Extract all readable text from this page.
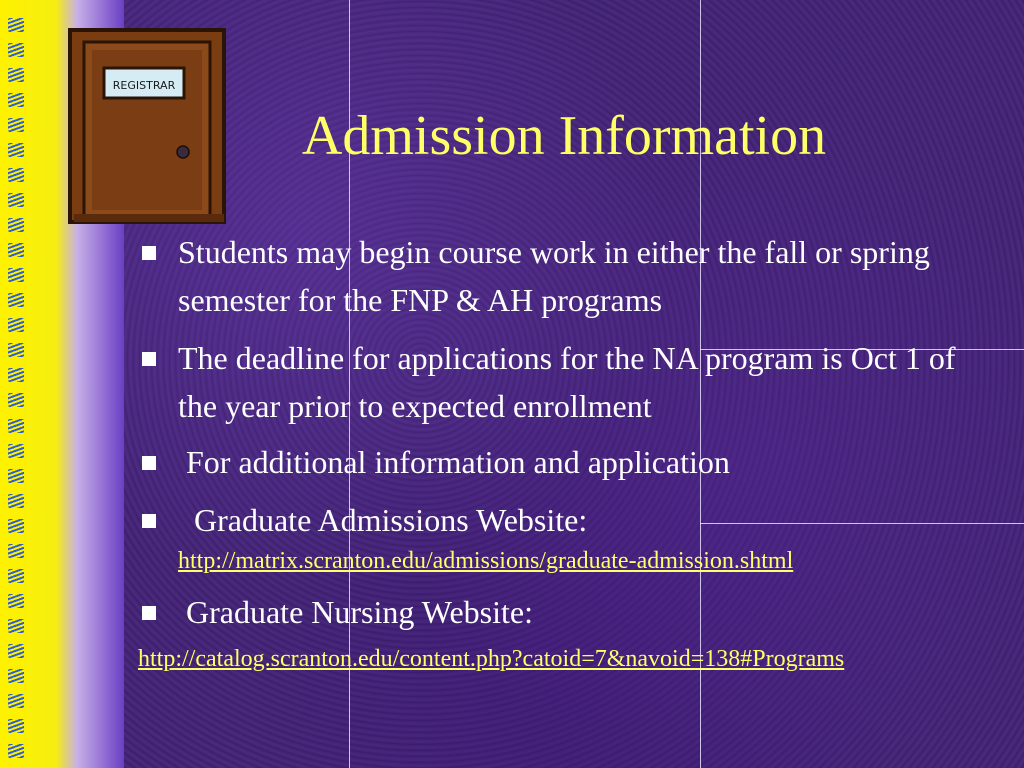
REGISTRAR
Admission Information
Students may begin course work in either the fall or spring semester for the FNP & AH programs
The deadline for applications for the NA program is Oct 1 of the year prior to expected enrollment
For additional information and application
Graduate Admissions Website:
http://matrix.scranton.edu/admissions/graduate-admission.shtml
Graduate Nursing Website:
http://catalog.scranton.edu/content.php?catoid=7&navoid=138#Programs
